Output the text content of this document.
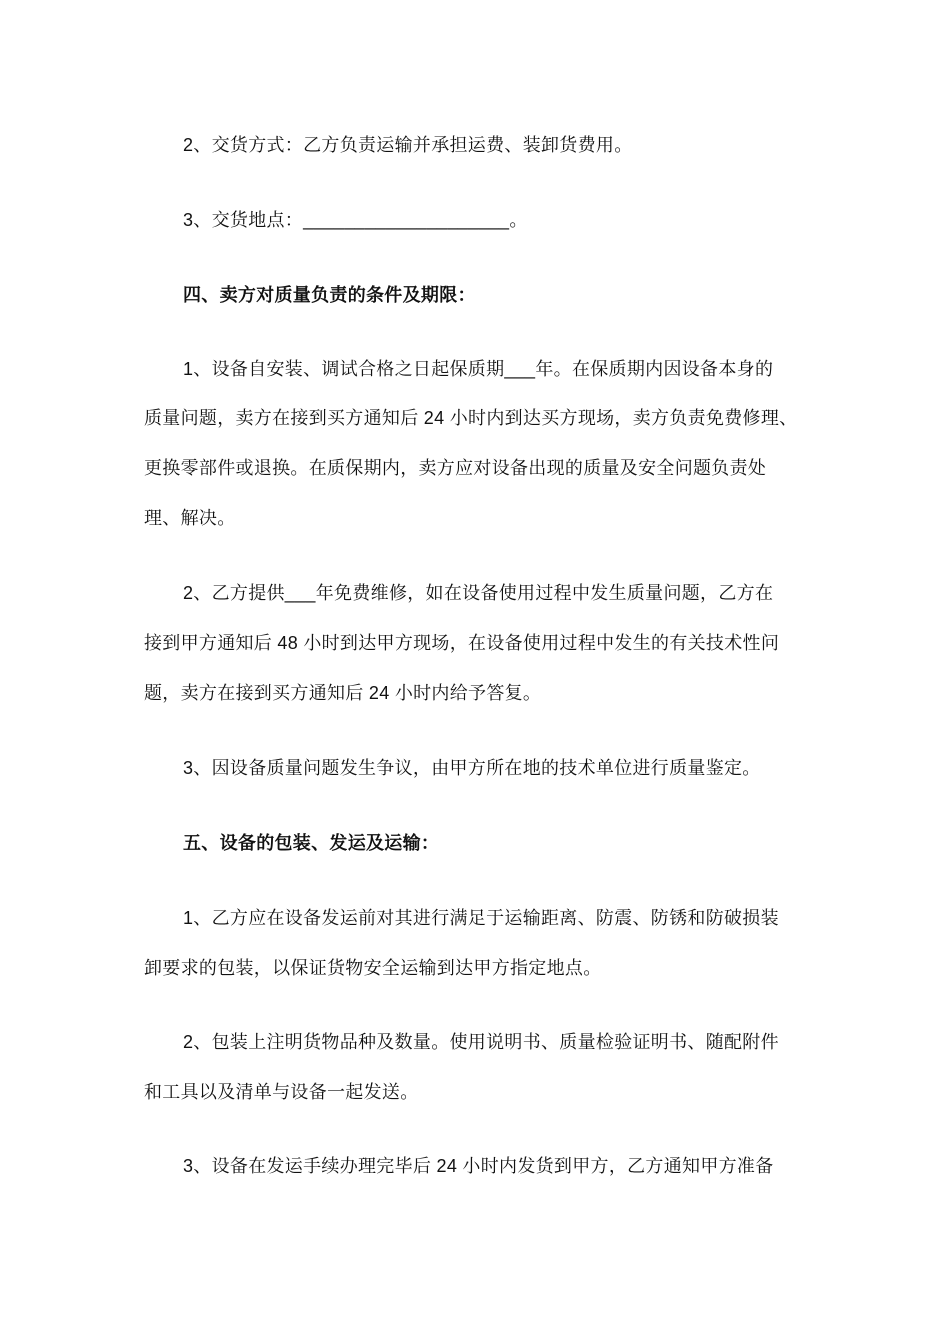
2、交货方式：乙方负责运输并承担运费、装卸货费用。
3、交货地点：____________________。
四、卖方对质量负责的条件及期限：
1、设备自安装、调试合格之日起保质期___年。在保质期内因设备本身的
质量问题，卖方在接到买方通知后 24 小时内到达买方现场，卖方负责免费修理、
更换零部件或退换。在质保期内，卖方应对设备出现的质量及安全问题负责处
理、解决。
2、乙方提供___年免费维修，如在设备使用过程中发生质量问题，乙方在
接到甲方通知后 48 小时到达甲方现场，在设备使用过程中发生的有关技术性问
题，卖方在接到买方通知后 24 小时内给予答复。
3、因设备质量问题发生争议，由甲方所在地的技术单位进行质量鉴定。
五、设备的包装、发运及运输：
1、乙方应在设备发运前对其进行满足于运输距离、防震、防锈和防破损装
卸要求的包装，以保证货物安全运输到达甲方指定地点。
2、包装上注明货物品种及数量。使用说明书、质量检验证明书、随配附件
和工具以及清单与设备一起发送。
3、设备在发运手续办理完毕后 24 小时内发货到甲方，乙方通知甲方准备
